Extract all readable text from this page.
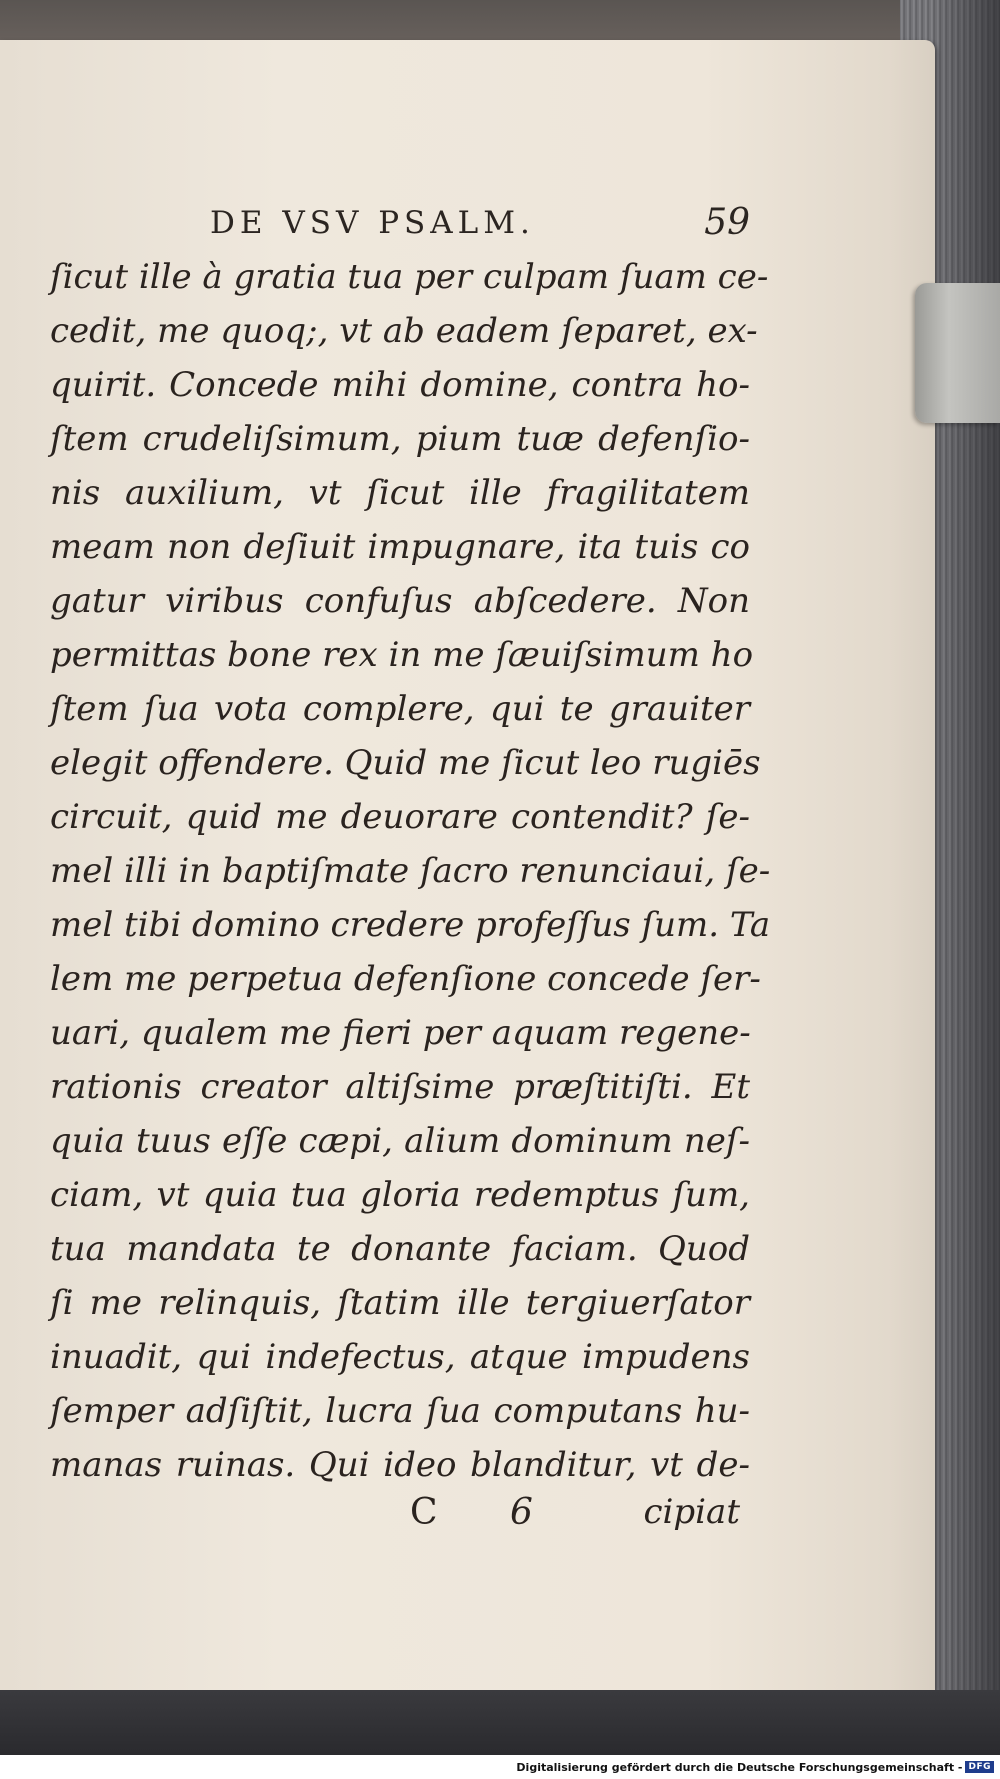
DE VSV PSALM.	59
ſicut ille à gratia tua per culpam ſuam ce-
cedit, me quoq;, vt ab eadem ſeparet, ex-
quirit. Concede mihi domine, contra ho-
ſtem crudeliſsimum, pium tuæ defenſio-
nis auxilium, vt ſicut ille fragilitatem
meam non deſiuit impugnare, ita tuis co
gatur viribus confuſus abſcedere. Non
permittas bone rex in me ſæuiſsimum ho
ſtem ſua vota complere, qui te grauiter
elegit offendere. Quid me ſicut leo rugiēs
circuit, quid me deuorare contendit? ſe-
mel illi in baptiſmate ſacro renunciaui, ſe-
mel tibi domino credere profeſſus ſum. Ta
lem me perpetua defenſione concede ſer-
uari, qualem me fieri per aquam regene-
rationis creator altiſsime præſtitiſti. Et
quia tuus eſſe cæpi, alium dominum neſ-
ciam, vt quia tua gloria redemptus ſum,
tua mandata te donante faciam. Quod
ſi me relinquis, ſtatim ille tergiuerſator
inuadit, qui indefectus, atque impudens
ſemper adſiſtit, lucra ſua computans hu-
manas ruinas. Qui ideo blanditur, vt de-
C 6	cipiat
Digitalisierung gefördert durch die Deutsche Forschungsgemeinschaft - DFG
